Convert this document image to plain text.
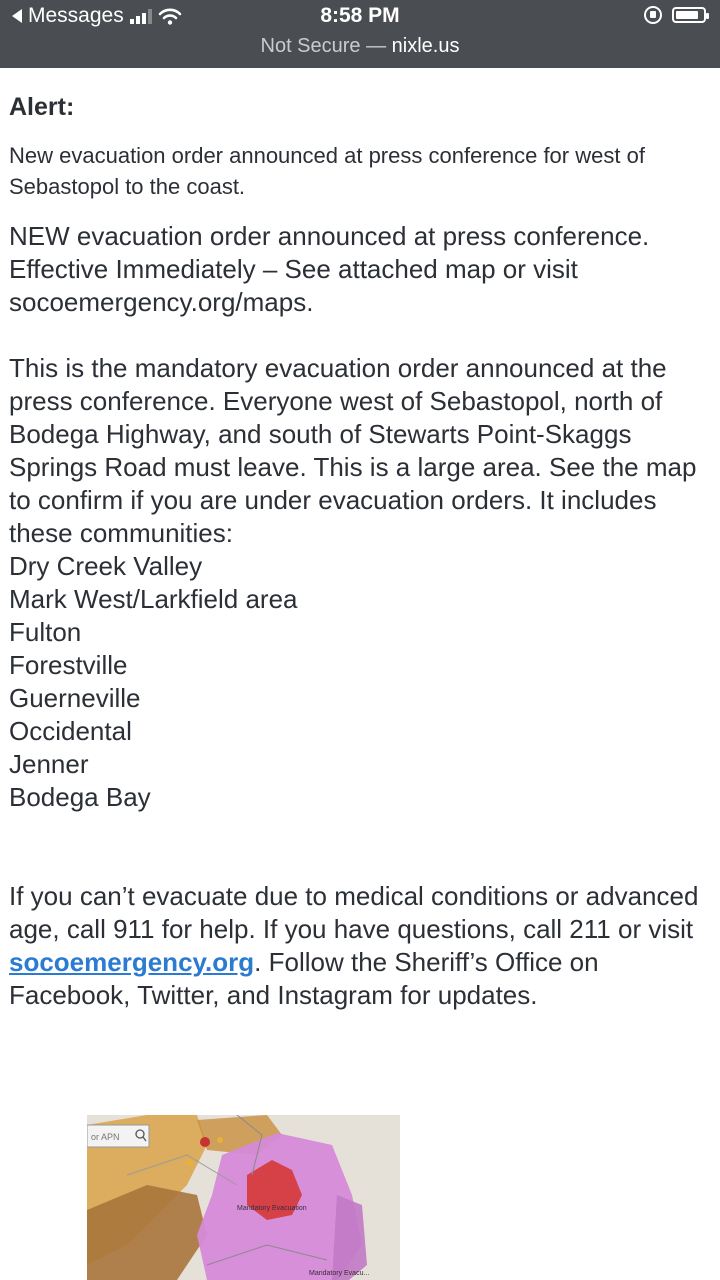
Messages	8:58 PM
Not Secure — nixle.us
Alert:

New evacuation order announced at press conference for west of Sebastopol to the coast.

NEW evacuation order announced at press conference. Effective Immediately – See attached map or visit socoemergency.org/maps.

This is the mandatory evacuation order announced at the press conference. Everyone west of Sebastopol, north of Bodega Highway, and south of Stewarts Point-Skaggs Springs Road must leave. This is a large area. See the map to confirm if you are under evacuation orders. It includes these communities:

Dry Creek Valley
Mark West/Larkfield area
Fulton
Forestville
Guerneville
Occidental
Jenner
Bodega Bay

If you can’t evacuate due to medical conditions or advanced age, call 911 for help. If you have questions, call 211 or visit socoemergency.org. Follow the Sheriff’s Office on Facebook, Twitter, and Instagram for updates.

or APN
Mandatory Evacuation
Mandatory Evacu...
